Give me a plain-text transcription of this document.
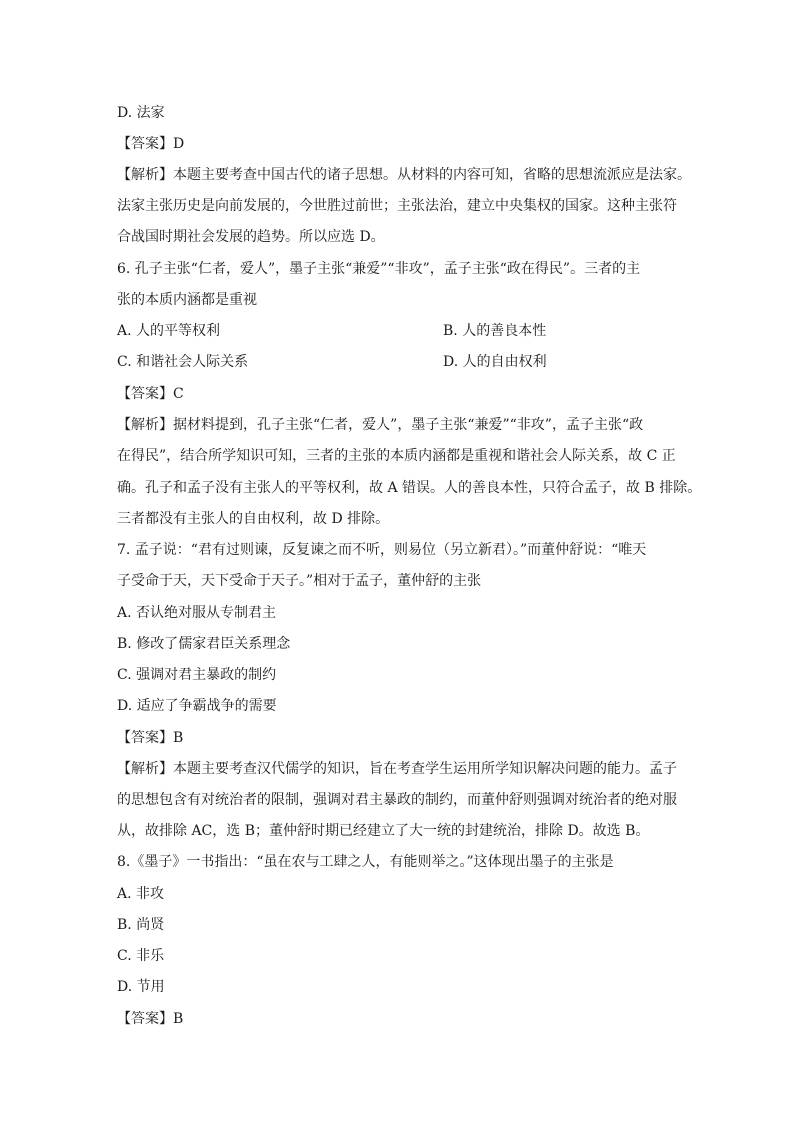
D. 法家
【答案】D
【解析】本题主要考查中国古代的诸子思想。从材料的内容可知，省略的思想流派应是法家。
法家主张历史是向前发展的，今世胜过前世；主张法治，建立中央集权的国家。这种主张符
合战国时期社会发展的趋势。所以应选 D。
6. 孔子主张“仁者，爱人”，墨子主张“兼爱”“非攻”，孟子主张“政在得民”。三者的主
张的本质内涵都是重视
A. 人的平等权利	B. 人的善良本性
C. 和谐社会人际关系	D. 人的自由权利
【答案】C
【解析】据材料提到，孔子主张“仁者，爱人”，墨子主张“兼爱”“非攻”，孟子主张“政
在得民”，结合所学知识可知，三者的主张的本质内涵都是重视和谐社会人际关系，故 C 正
确。孔子和孟子没有主张人的平等权利，故 A 错误。人的善良本性，只符合孟子，故 B 排除。
三者都没有主张人的自由权利，故 D 排除。
7. 孟子说：“君有过则谏，反复谏之而不听，则易位（另立新君）。”而董仲舒说：“唯天
子受命于天，天下受命于天子。”相对于孟子，董仲舒的主张
A. 否认绝对服从专制君主
B. 修改了儒家君臣关系理念
C. 强调对君主暴政的制约
D. 适应了争霸战争的需要
【答案】B
【解析】本题主要考查汉代儒学的知识，旨在考查学生运用所学知识解决问题的能力。孟子
的思想包含有对统治者的限制，强调对君主暴政的制约，而董仲舒则强调对统治者的绝对服
从，故排除 AC，选 B；董仲舒时期已经建立了大一统的封建统治，排除 D。故选 B。
8.《墨子》一书指出：“虽在农与工肆之人，有能则举之。”这体现出墨子的主张是
A. 非攻
B. 尚贤
C. 非乐
D. 节用
【答案】B
